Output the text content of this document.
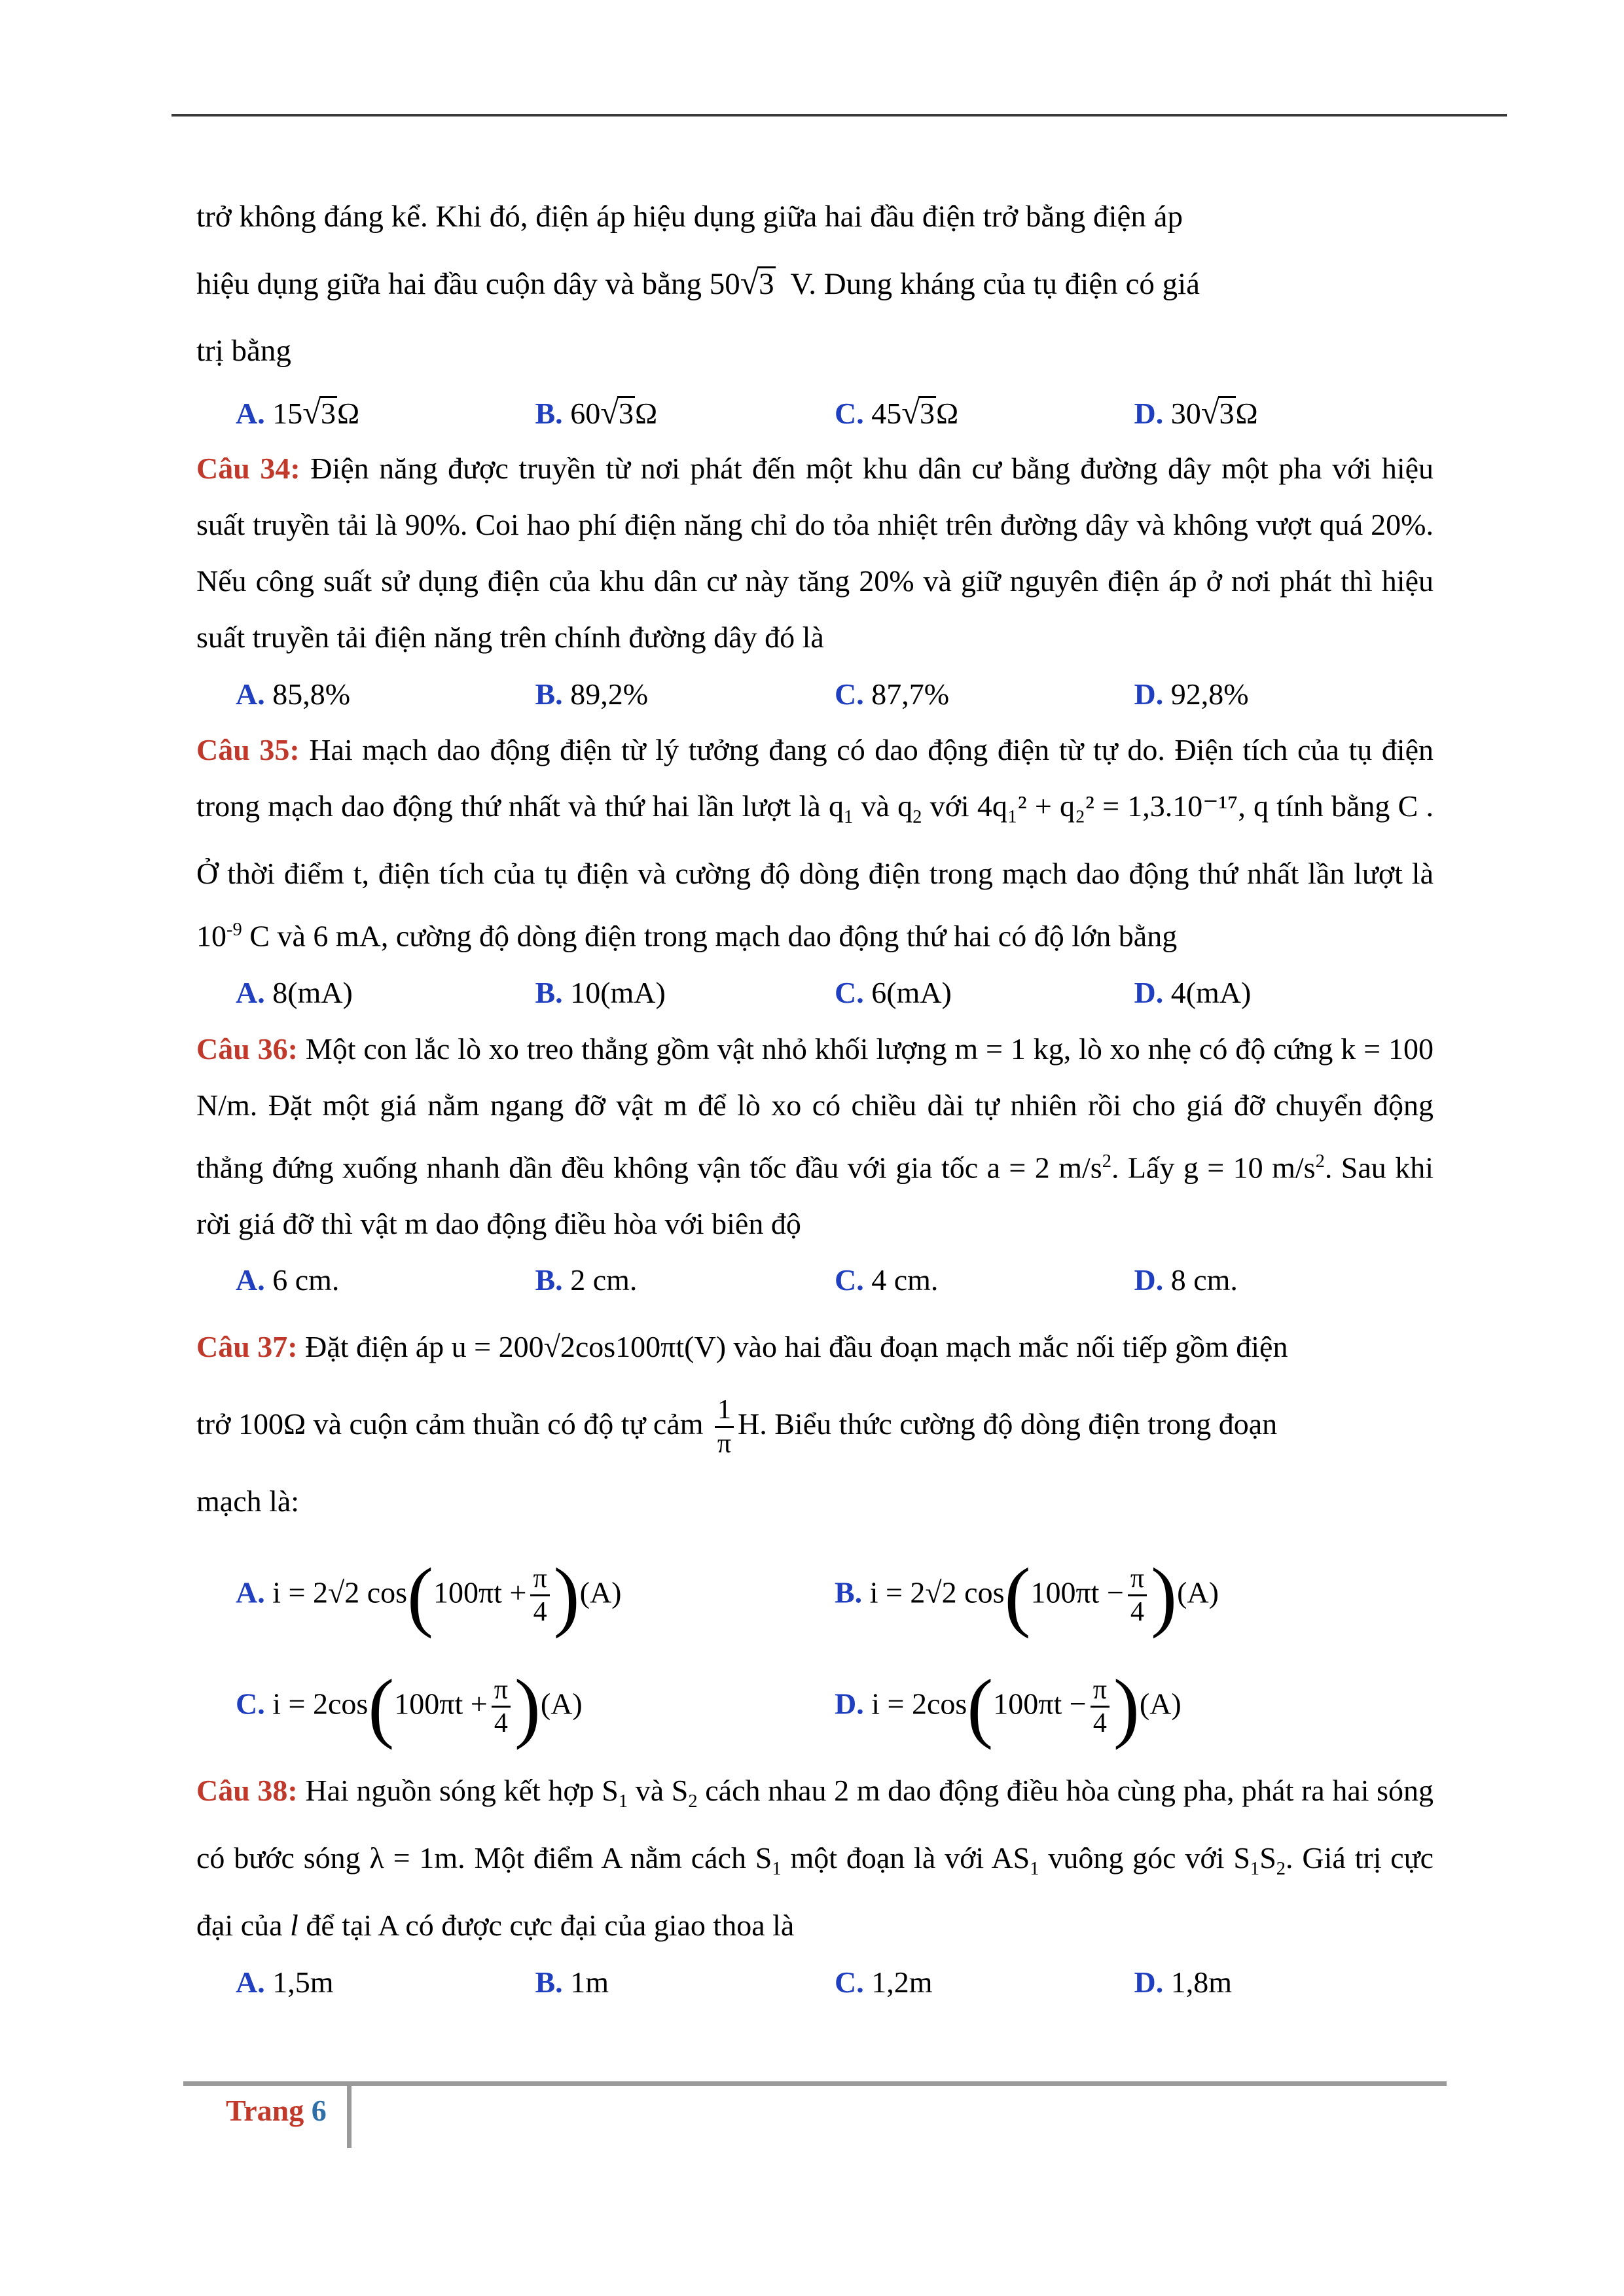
trở không đáng kể. Khi đó, điện áp hiệu dụng giữa hai đầu điện trở bằng điện áp
hiệu dụng giữa hai đầu cuộn dây và bằng 50√3 V. Dung kháng của tụ điện có giá
trị bằng

A. 15√3Ω	B. 60√3Ω	C. 45√3Ω	D. 30√3Ω

Câu 34: Điện năng được truyền từ nơi phát đến một khu dân cư bằng đường dây một pha với hiệu suất truyền tải là 90%. Coi hao phí điện năng chỉ do tỏa nhiệt trên đường dây và không vượt quá 20%. Nếu công suất sử dụng điện của khu dân cư này tăng 20% và giữ nguyên điện áp ở nơi phát thì hiệu suất truyền tải điện năng trên chính đường dây đó là

A. 85,8%	B. 89,2%	C. 87,7%	D. 92,8%

Câu 35: Hai mạch dao động điện từ lý tưởng đang có dao động điện từ tự do. Điện tích của tụ điện trong mạch dao động thứ nhất và thứ hai lần lượt là $q_1$ và $q_2$ với 4q₁² + q₂² = 1,3.10⁻¹⁷, q tính bằng C . Ở thời điểm t, điện tích của tụ điện và cường độ dòng điện trong mạch dao động thứ nhất lần lượt là $10^{-9}$ C và 6 mA, cường độ dòng điện trong mạch dao động thứ hai có độ lớn bằng

A. 8(mA)	B. 10(mA)	C. 6(mA)	D. 4(mA)

Câu 36: Một con lắc lò xo treo thẳng gồm vật nhỏ khối lượng m = 1 kg, lò xo nhẹ có độ cứng k = 100 N/m. Đặt một giá nằm ngang đỡ vật m để lò xo có chiều dài tự nhiên rồi cho giá đỡ chuyển động thẳng đứng xuống nhanh dần đều không vận tốc đầu với gia tốc a = 2 $m/s^2$. Lấy g = 10 $m/s^2$. Sau khi rời giá đỡ thì vật m dao động điều hòa với biên độ

A. 6 cm.	B. 2 cm.	C. 4 cm.	D. 8 cm.

Câu 37: Đặt điện áp u = 200√2cos100πt(V) vào hai đầu đoạn mạch mắc nối tiếp gồm điện
trở 100Ω và cuộn cảm thuần có độ tự cảm $\frac{1}{\pi} H$. Biểu thức cường độ dòng điện trong đoạn
mạch là:

A. i = 2√2 $\cos(100\pi t + \frac{\pi}{4} )(A)$	B. i = 2√2 $\cos(100\pi t - \frac{\pi}{4} )(A)$
C. $i = 2\cos(100\pi t + \frac{\pi}{4} )(A)$	D. $i = 2\cos(100\pi t - \frac{\pi}{4} )(A)$

Câu 38: Hai nguồn sóng kết hợp $S_1$ và $S_2$ cách nhau 2 m dao động điều hòa cùng pha, phát ra hai sóng có bước sóng λ = 1m. Một điểm A nằm cách $S_1$ một đoạn là với $AS_1$ vuông góc với $S_1S_2$. Giá trị cực đại của l để tại A có được cực đại của giao thoa là

A. 1,5m	B. 1m	C. 1,2m	D. 1,8m
Trang 6
